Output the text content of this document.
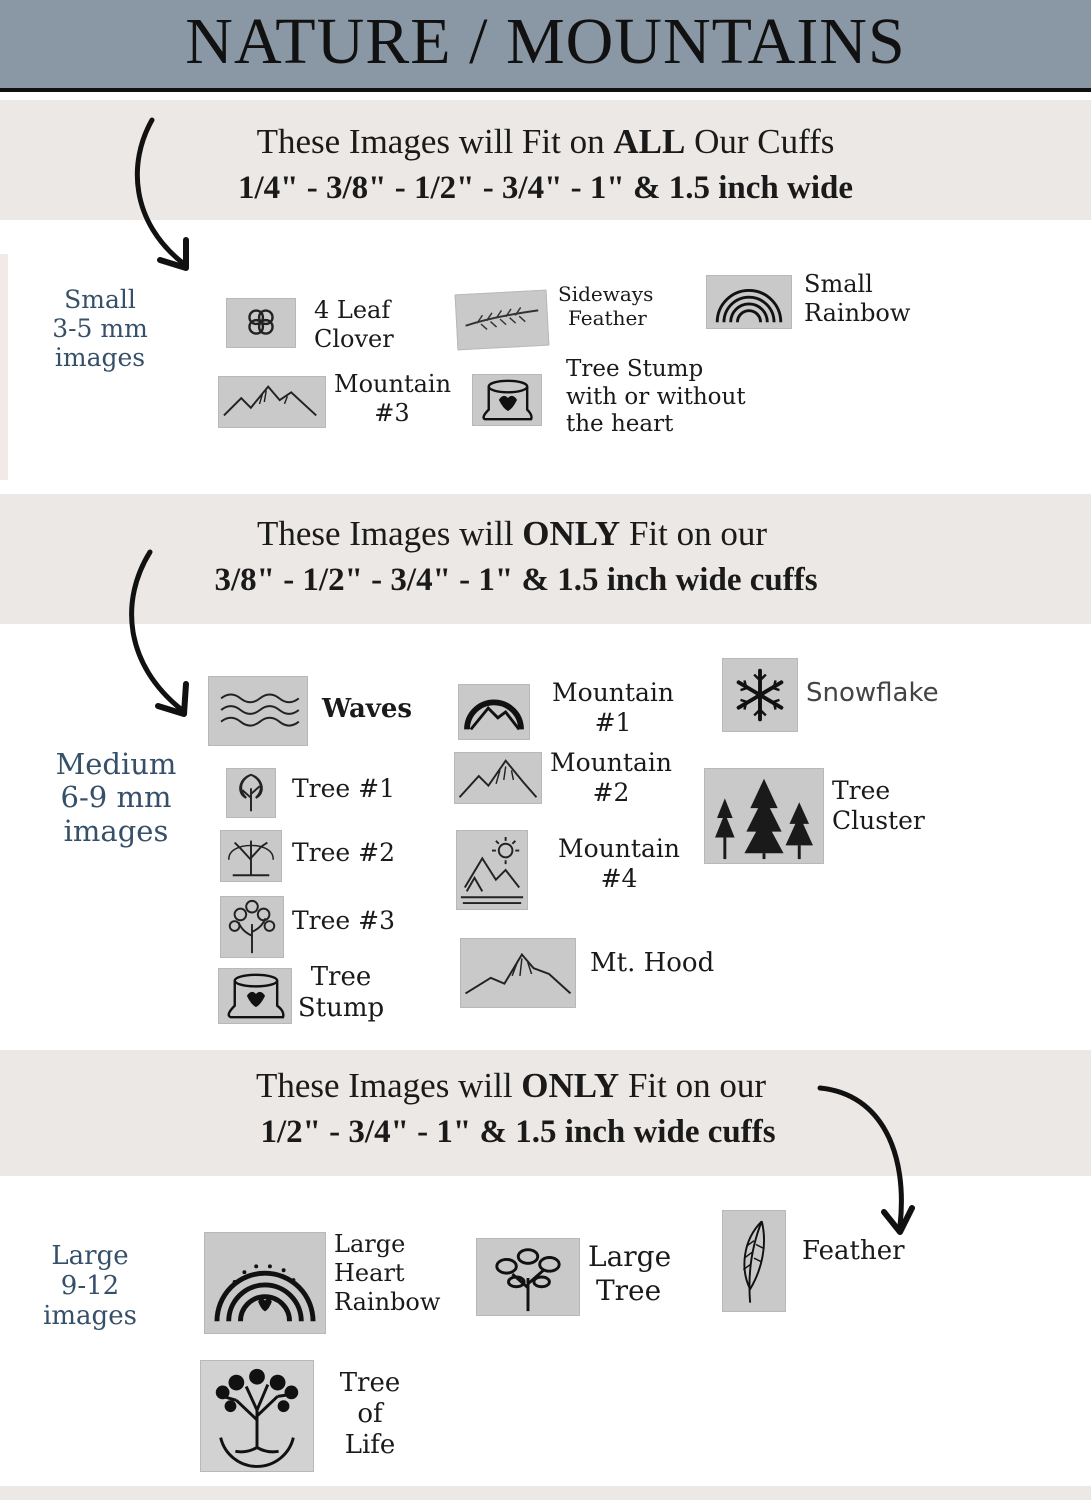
NATURE / MOUNTAINS
These Images will Fit on ALL Our Cuffs
1/4" - 3/8" - 1/2" - 3/4" - 1" & 1.5 inch wide
Small
3-5 mm
images
4 Leaf
Clover
Sideways
Feather
Small
Rainbow
Mountain
#3
Tree Stump
with or without
the heart
These Images will ONLY Fit on our
3/8" - 1/2" - 3/4" - 1" & 1.5 inch wide cuffs
Medium
6-9 mm
images
Waves
Mountain
#1
Snowflake
Tree #1
Mountain
#2	Tree
Cluster
Tree #2	Mountain
#4
Tree #3
Tree
Stump
Mt. Hood
These Images will ONLY Fit on our
1/2" - 3/4" - 1" & 1.5 inch wide cuffs
Large
9-12
images
Large
Heart
Rainbow
Large
Tree
Feather
Tree
of
Life
